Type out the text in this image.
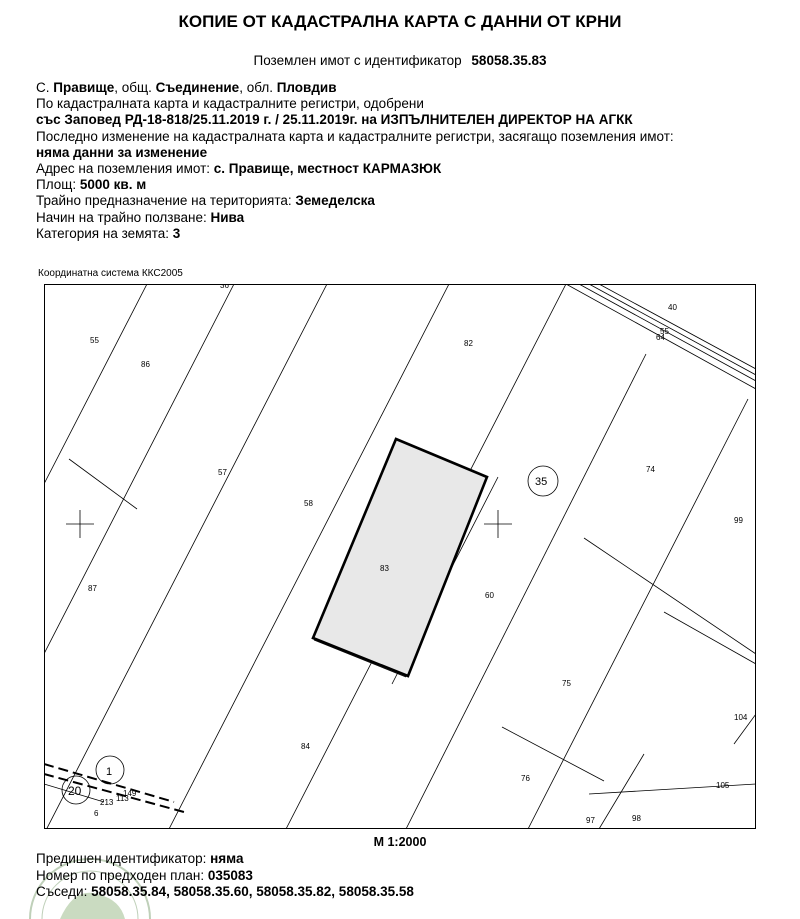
КОПИЕ ОТ КАДАСТРАЛНА КАРТА С ДАННИ ОТ КРНИ
Поземлен имот с идентификатор 58058.35.83
С. Правище, общ. Съединение, обл. Пловдив
По кадастралната карта и кадастралните регистри, одобрени
със Заповед РД-18-818/25.11.2019 г. / 25.11.2019г. на ИЗПЪЛНИТЕЛЕН ДИРЕКТОР НА АГКК
Последно изменение на кадастралната карта и кадастралните регистри, засягащо поземления имот:
няма данни за изменение
Адрес на поземления имот: с. Правище, местност КАРМАЗЮК
Площ: 5000 кв. м
Трайно предназначение на територията: Земеделска
Начин на трайно ползване: Нива
Категория на земята: 3
Координатна система ККС2005
55
86
57
58
82
40
55
64
74
99
87
83
60
35
75
104
84
76
105
97	98
1
20
213 113
149
6
36
М 1:2000
Предишен идентификатор: няма
Номер по предходен план: 035083
Съседи: 58058.35.84, 58058.35.60, 58058.35.82, 58058.35.58
